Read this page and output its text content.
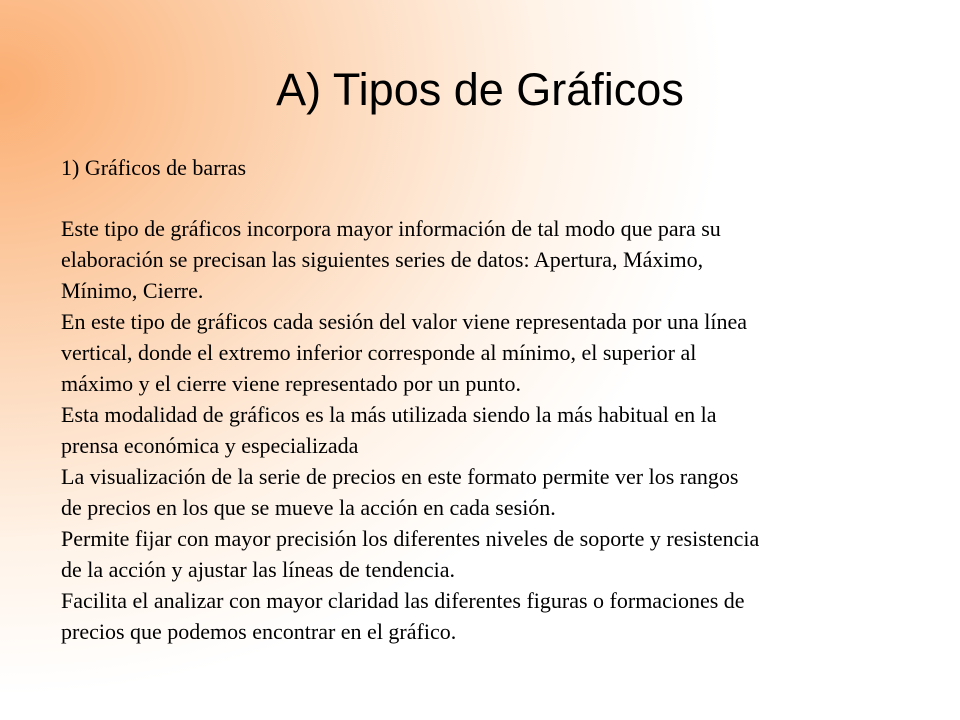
A) Tipos de Gráficos

1) Gráficos de barras

Este tipo de gráficos incorpora mayor información de tal modo que para su
elaboración se precisan las siguientes series de datos: Apertura, Máximo,
Mínimo, Cierre.
En este tipo de gráficos cada sesión del valor viene representada por una línea
vertical, donde el extremo inferior corresponde al mínimo, el superior al
máximo y el cierre viene representado por un punto.
Esta modalidad de gráficos es la más utilizada siendo la más habitual en la
prensa económica y especializada
La visualización de la serie de precios en este formato permite ver los rangos
de precios en los que se mueve la acción en cada sesión.
Permite fijar con mayor precisión los diferentes niveles de soporte y resistencia
de la acción y ajustar las líneas de tendencia.
Facilita el analizar con mayor claridad las diferentes figuras o formaciones de
precios que podemos encontrar en el gráfico.
